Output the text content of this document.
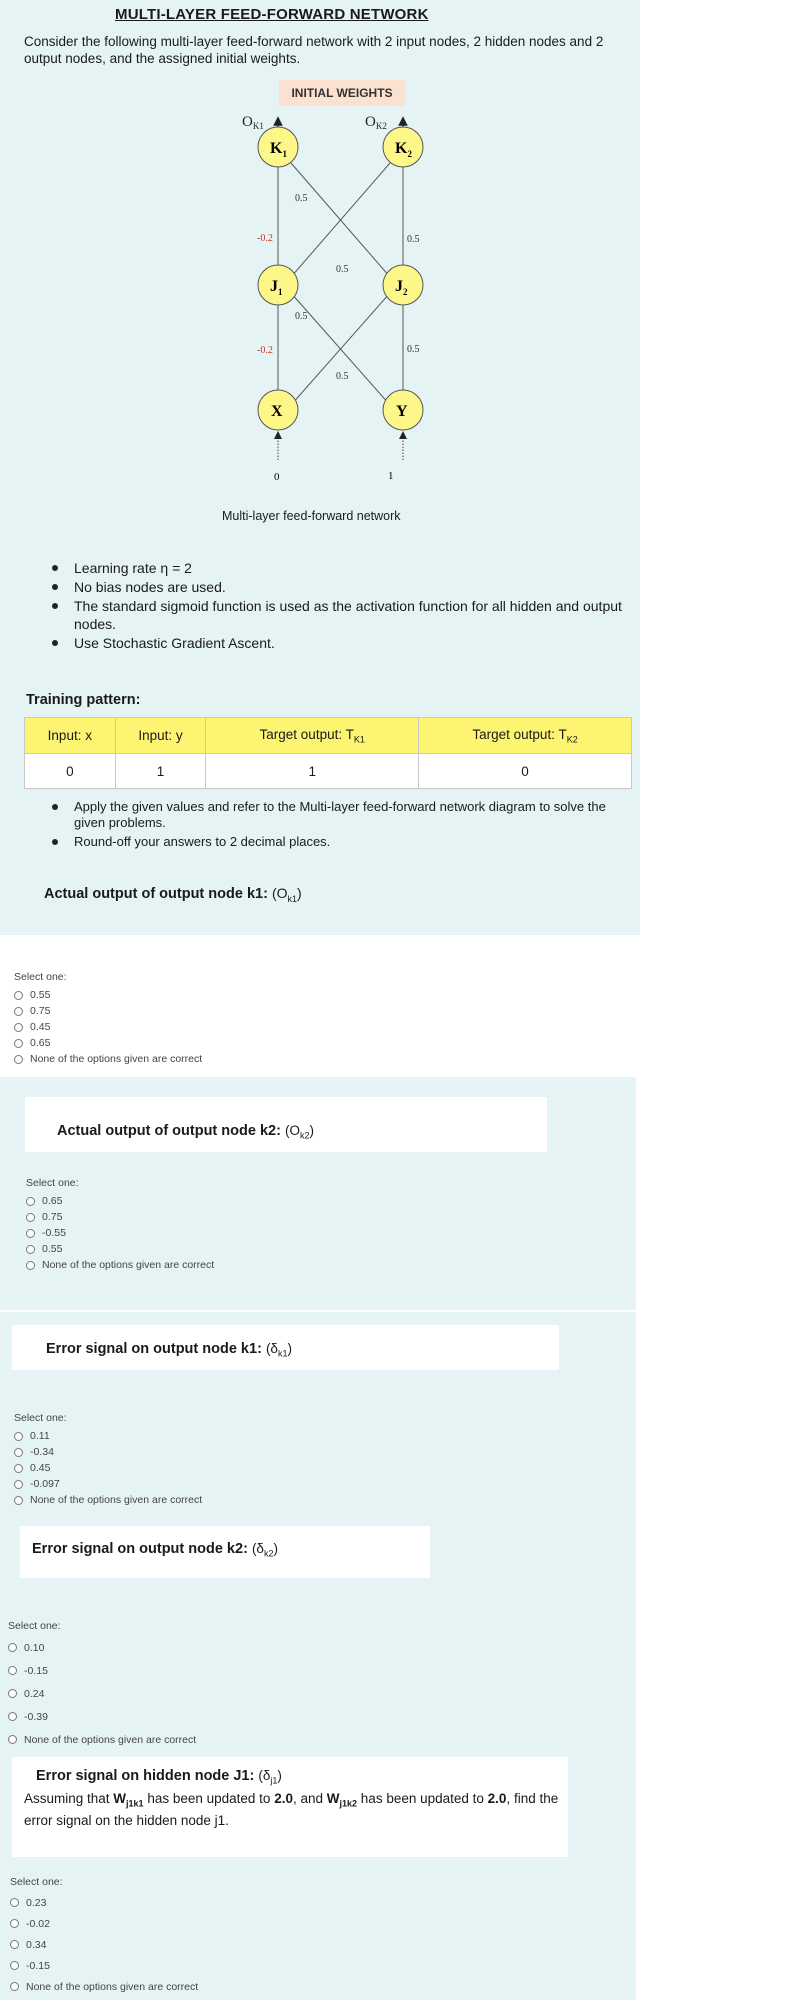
MULTI-LAYER FEED-FORWARD NETWORK
Consider the following multi-layer feed-forward network with 2 input nodes, 2 hidden nodes and 2 output nodes, and the assigned initial weights.
INITIAL WEIGHTS
$O_{K1}$	$O_{K2}$
$K_1$	$K_2$
$J_1$	$J_2$
X	Y
-0.2
0.5
0.5
0.5
-0.2
0.5
0.5
0.5
0	1
Multi-layer feed-forward network
Learning rate η = 2
No bias nodes are used.
The standard sigmoid function is used as the activation function for all hidden and output nodes.
Use Stochastic Gradient Ascent.
Training pattern:
Input: x	Input: y	Target output: $T_{K1}$	Target output: $T_{K2}$
0	1	1	0
Apply the given values and refer to the Multi-layer feed-forward network diagram to solve the given problems.
Round-off your answers to 2 decimal places.
Actual output of output node k1: $(O_{k1})$
Select one:
0.55
0.75
0.45
0.65
None of the options given are correct
Actual output of output node k2: $(O_{k2})$
Select one:
0.65
0.75
-0.55
0.55
None of the options given are correct
Error signal on output node k1: $(\delta_{k1})$
Select one:
0.11
-0.34
0.45
-0.097
None of the options given are correct
Error signal on output node k2: $(\delta_{k2})$
Select one:
0.10
-0.15
0.24
-0.39
None of the options given are correct
Error signal on hidden node J1: $(\delta_{j1})$
Assuming that $W_{j1k1}$ has been updated to 2.0, and $W_{j1k2}$ has been updated to 2.0, find the error signal on the hidden node j1.
Select one:
0.23
-0.02
0.34
-0.15
None of the options given are correct
